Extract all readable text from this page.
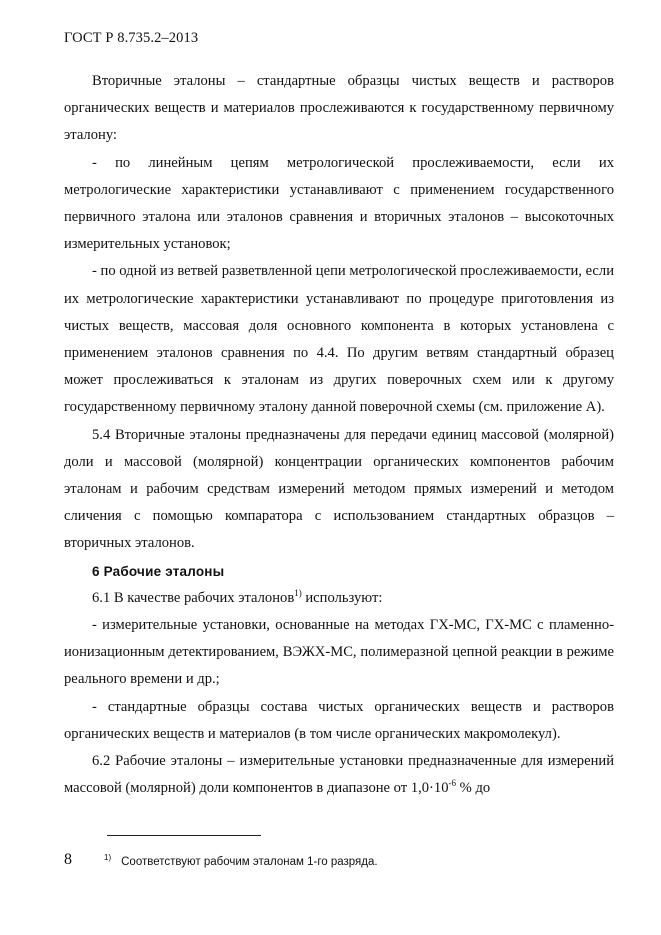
ГОСТ Р 8.735.2–2013

Вторичные эталоны – стандартные образцы чистых веществ и растворов органических веществ и материалов прослеживаются к государственному первичному эталону:

- по линейным цепям метрологической прослеживаемости, если их метрологические характеристики устанавливают с применением государственного первичного эталона или эталонов сравнения и вторичных эталонов – высокоточных измерительных установок;

- по одной из ветвей разветвленной цепи метрологической прослеживаемости, если их метрологические характеристики устанавливают по процедуре приготовления из чистых веществ, массовая доля основного компонента в которых установлена с применением эталонов сравнения по 4.4. По другим ветвям стандартный образец может прослеживаться к эталонам из других поверочных схем или к другому государственному первичному эталону данной поверочной схемы (см. приложение А).

5.4 Вторичные эталоны предназначены для передачи единиц массовой (молярной) доли и массовой (молярной) концентрации органических компонентов рабочим эталонам и рабочим средствам измерений методом прямых измерений и методом сличения с помощью компаратора с использованием стандартных образцов – вторичных эталонов.

6 Рабочие эталоны

6.1 В качестве рабочих эталонов$^{1)}$ используют:

- измерительные установки, основанные на методах ГХ-МС, ГХ-МС с пламенно-ионизационным детектированием, ВЭЖХ-МС, полимеразной цепной реакции в режиме реального времени и др.;

- стандартные образцы состава чистых органических веществ и растворов органических веществ и материалов (в том числе органических макромолекул).

6.2 Рабочие эталоны – измерительные установки предназначенные для измерений массовой (молярной) доли компонентов в диапазоне от $1,0\cdot 10^{-6}$ % до

8	$^{1)}$ Соответствуют рабочим эталонам 1-го разряда.
